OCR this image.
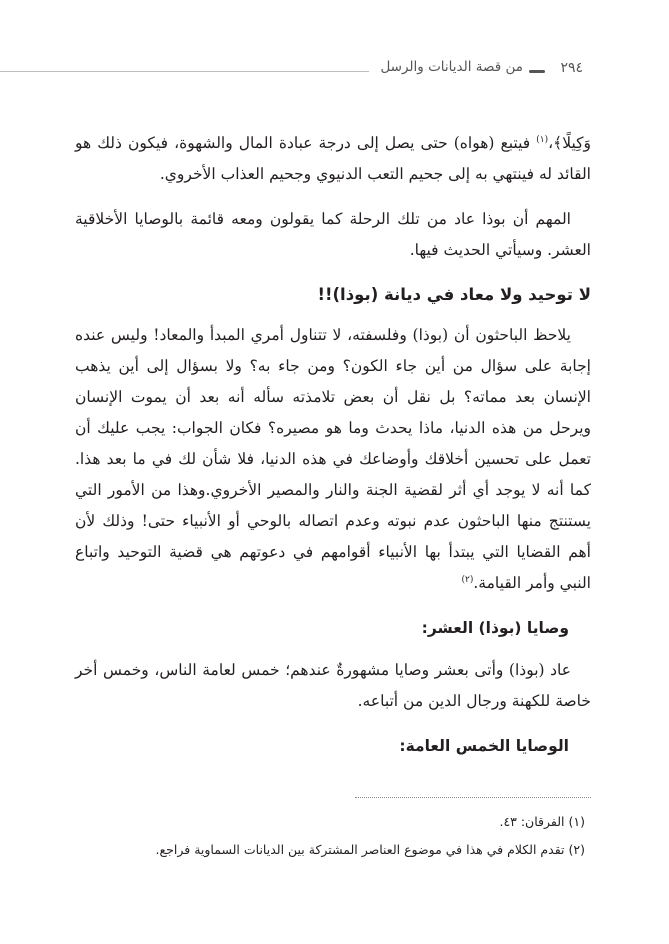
٢٩٤
من قصة الديانات والرسل

وَكِيلًا﴾،$^{(١)}$ فيتبع (هواه) حتى يصل إلى درجة عبادة المال والشهوة، فيكون ذلك هو القائد له فينتهي به إلى جحيم التعب الدنيوي وجحيم العذاب الأخروي.

المهم أن بوذا عاد من تلك الرحلة كما يقولون ومعه قائمة بالوصايا الأخلاقية العشر. وسيأتي الحديث فيها.

لا توحيد ولا معاد في ديانة (بوذا)!!

يلاحظ الباحثون أن (بوذا) وفلسفته، لا تتناول أمري المبدأ والمعاد! وليس عنده إجابة على سؤال من أين جاء الكون؟ ومن جاء به؟ ولا بسؤال إلى أين يذهب الإنسان بعد مماته؟ بل نقل أن بعض تلامذته سأله أنه بعد أن يموت الإنسان ويرحل من هذه الدنيا، ماذا يحدث وما هو مصيره؟ فكان الجواب: يجب عليك أن تعمل على تحسين أخلاقك وأوضاعك في هذه الدنيا، فلا شأن لك في ما بعد هذا. كما أنه لا يوجد أي أثر لقضية الجنة والنار والمصير الأخروي.وهذا من الأمور التي يستنتج منها الباحثون عدم نبوته وعدم اتصاله بالوحي أو الأنبياء حتى! وذلك لأن أهم القضايا التي يبتدأ بها الأنبياء أقوامهم في دعوتهم هي قضية التوحيد واتباع النبي وأمر القيامة.$^{(٢)}$

وصايا (بوذا) العشر:

عاد (بوذا) وأتى بعشر وصايا مشهورةٌ عندهم؛ خمس لعامة الناس، وخمس أخر خاصة للكهنة ورجال الدين من أتباعه.

الوصايا الخمس العامة:

(١) الفرقان: ٤٣.

(٢) تقدم الكلام في هذا في موضوع العناصر المشتركة بين الديانات السماوية فراجع.
